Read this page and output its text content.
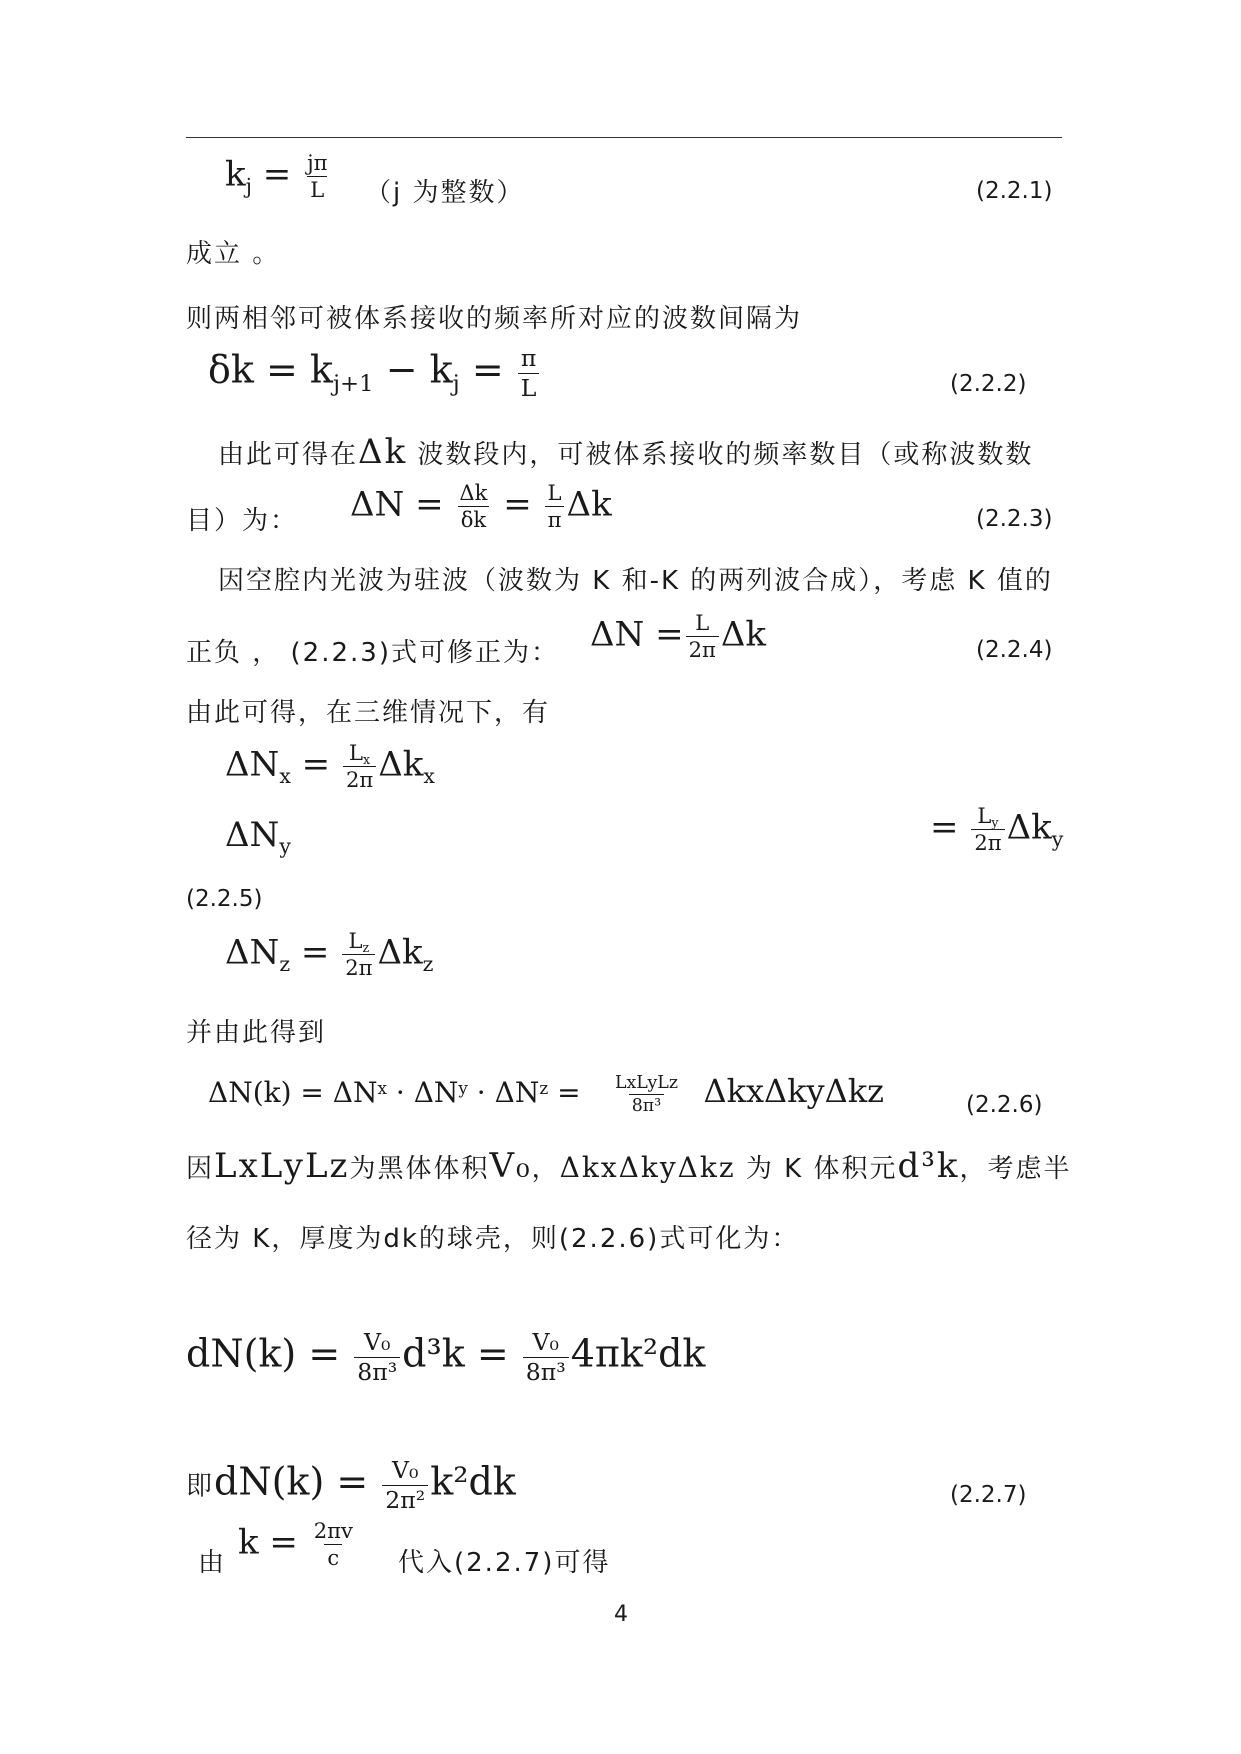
$k_j = \frac{j\pi}{L} (j$ 为整数）	(2.2.1)
成立 。
则两相邻可被体系接收的频率所对应的波数间隔为
$\delta k = k_{j+1} - k_j = \frac{\pi}{L}$	(2.2.2)
由此可得在Δk 波数段内，可被体系接收的频率数目（或称波数数
目）为： $\Delta N = \frac{\Delta k}{\delta k} = \frac{L}{\pi}$ Δk	(2.2.3)
因空腔内光波为驻波（波数为 K 和-K 的两列波合成），考虑 K 值的
正负 ， (2.2.3)式可修正为： $\Delta N = \frac{L}{2\pi}$ Δk	(2.2.4)
由此可得，在三维情况下，有
$\Delta N_x = \frac{L_x}{2\pi} \Delta k_x$
$\Delta N_y$	= $\frac{L_y}{2\pi} \Delta k_y$
(2.2.5)
$\Delta N_z = \frac{L_z}{2\pi} \Delta k_z$
并由此得到
$\Delta N(k) = \Delta N^x \cdot \Delta N^y \cdot \Delta N^z = \frac{\text{LxLyLz}}{\text{8π³}}$ ΔkxΔkyΔkz	(2.2.6)
因LxLyLz为黑体体积V₀，ΔkxΔkyΔkz 为 K 体积元d³k，考虑半
径为 K，厚度为dk的球壳，则(2.2.6)式可化为：
$dN(k) = \frac{\text{V₀}}{\text{8π³}} d^3k = \frac{\text{V₀}}{\text{8π³}} 4\pi k^2dk$
即$dN(k) = \frac{\text{V₀}}{\text{2π²}} k^2dk$	(2.2.7)
由
$k = \frac{2\pi v}{c}$ 代入(2.2.7)可得
4
